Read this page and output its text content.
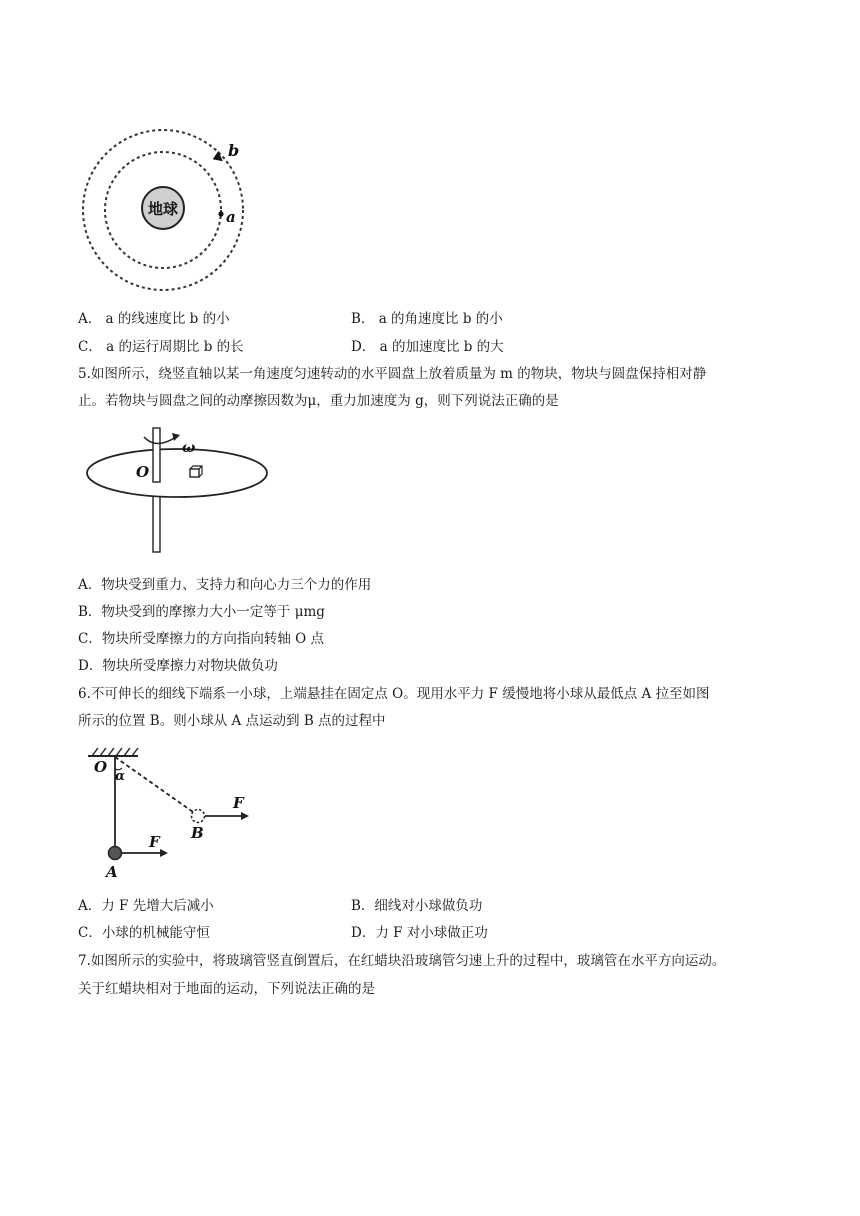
地球	a
b
A． a 的线速度比 b 的小	B． a 的角速度比 b 的小
C． a 的运行周期比 b 的长	D． a 的加速度比 b 的大
5.如图所示，绕竖直轴以某一角速度匀速转动的水平圆盘上放着质量为 m 的物块，物块与圆盘保持相对静
止。若物块与圆盘之间的动摩擦因数为μ，重力加速度为 g，则下列说法正确的是
ω
O
A．物块受到重力、支持力和向心力三个力的作用
B．物块受到的摩擦力大小一定等于 μmg
C．物块所受摩擦力的方向指向转轴 O 点
D．物块所受摩擦力对物块做负功
6.不可伸长的细线下端系一小球，上端悬挂在固定点 O。现用水平力 F 缓慢地将小球从最低点 A 拉至如图
所示的位置 B。则小球从 A 点运动到 B 点的过程中
O
α
A
F B
F
A．力 F 先增大后减小	B．细线对小球做负功
C．小球的机械能守恒	D．力 F 对小球做正功
7.如图所示的实验中，将玻璃管竖直倒置后，在红蜡块沿玻璃管匀速上升的过程中，玻璃管在水平方向运动。
关于红蜡块相对于地面的运动，下列说法正确的是
